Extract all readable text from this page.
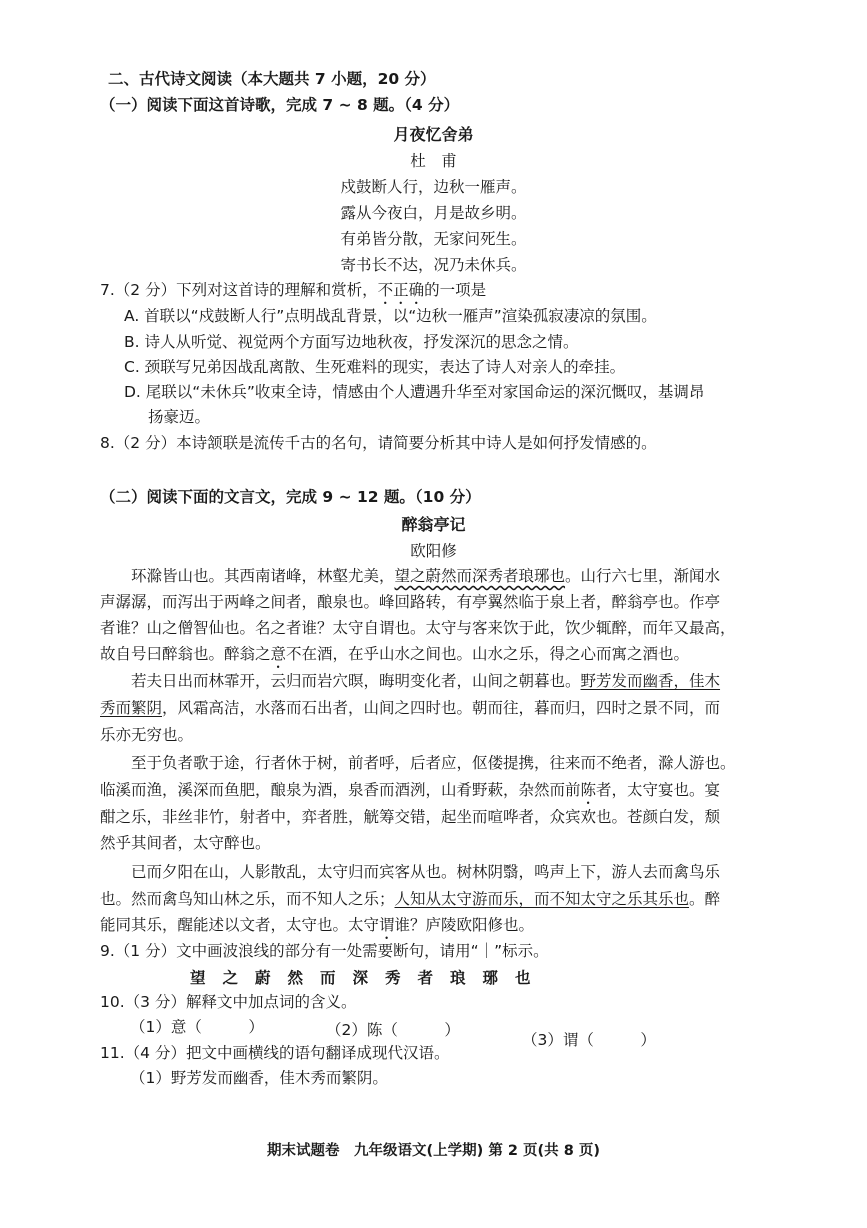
二、古代诗文阅读（本大题共 7 小题，20 分）
（一）阅读下面这首诗歌，完成 7 ~ 8 题。（4 分）
月夜忆舍弟
杜　甫
戍鼓断人行，边秋一雁声。
露从今夜白，月是故乡明。
有弟皆分散，无家问死生。
寄书长不达，况乃未休兵。
7.（2 分）下列对这首诗的理解和赏析，不正确的一项是
A. 首联以“戍鼓断人行”点明战乱背景，以“边秋一雁声”渲染孤寂凄凉的氛围。
B. 诗人从听觉、视觉两个方面写边地秋夜，抒发深沉的思念之情。
C. 颈联写兄弟因战乱离散、生死难料的现实，表达了诗人对亲人的牵挂。
D. 尾联以“未休兵”收束全诗，情感由个人遭遇升华至对家国命运的深沉慨叹，基调昂
扬豪迈。
8.（2 分）本诗颔联是流传千古的名句，请简要分析其中诗人是如何抒发情感的。
（二）阅读下面的文言文，完成 9 ~ 12 题。（10 分）
醉翁亭记
欧阳修
环滁皆山也。其西南诸峰，林壑尤美，望之蔚然而深秀者琅琊也。山行六七里，渐闻水
声潺潺，而泻出于两峰之间者，酿泉也。峰回路转，有亭翼然临于泉上者，醉翁亭也。作亭
者谁？山之僧智仙也。名之者谁？太守自谓也。太守与客来饮于此，饮少辄醉，而年又最高，
故自号曰醉翁也。醉翁之意不在酒，在乎山水之间也。山水之乐，得之心而寓之酒也。
若夫日出而林霏开，云归而岩穴暝，晦明变化者，山间之朝暮也。野芳发而幽香，佳木
秀而繁阴，风霜高洁，水落而石出者，山间之四时也。朝而往，暮而归，四时之景不同，而
乐亦无穷也。
至于负者歌于途，行者休于树，前者呼，后者应，伛偻提携，往来而不绝者，滁人游也。
临溪而渔，溪深而鱼肥，酿泉为酒，泉香而酒洌，山肴野蔌，杂然而前陈者，太守宴也。宴
酣之乐，非丝非竹，射者中，弈者胜，觥筹交错，起坐而喧哗者，众宾欢也。苍颜白发，颓
然乎其间者，太守醉也。
已而夕阳在山，人影散乱，太守归而宾客从也。树林阴翳，鸣声上下，游人去而禽鸟乐
也。然而禽鸟知山林之乐，而不知人之乐；人知从太守游而乐，而不知太守之乐其乐也。醉
能同其乐，醒能述以文者，太守也。太守谓谁？庐陵欧阳修也。
9.（1 分）文中画波浪线的部分有一处需要断句，请用“｜”标示。
望之蔚然而深秀者琅琊也
10.（3 分）解释文中加点词的含义。
（1）意（　　　）	（2）陈（　　　）
（3）谓（　　　）
11.（4 分）把文中画横线的语句翻译成现代汉语。
（1）野芳发而幽香，佳木秀而繁阴。
期末试题卷　九年级语文(上学期) 第 2 页(共 8 页)
